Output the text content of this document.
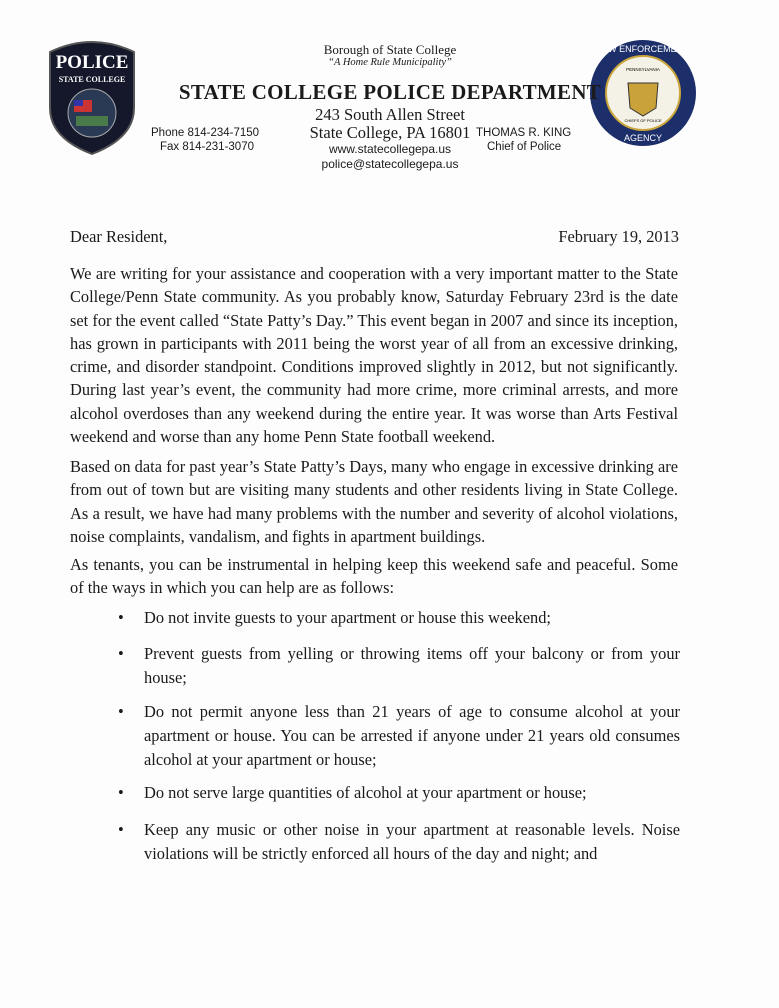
POLICE
STATE COLLEGE
PENNSYLVANIA
CHIEFS OF POLICE
LAW ENFORCEMENT
AGENCY
Borough of State College
“A Home Rule Municipality”
STATE COLLEGE POLICE DEPARTMENT
243 South Allen Street
State College, PA 16801
www.statecollegepa.us
police@statecollegepa.us
Phone 814-234-7150
Fax 814-231-3070
THOMAS R. KING
Chief of Police
Dear Resident,	February 19, 2013

We are writing for your assistance and cooperation with a very important matter to the State College/Penn State community. As you probably know, Saturday February 23rd is the date set for the event called “State Patty’s Day.” This event began in 2007 and since its inception, has grown in participants with 2011 being the worst year of all from an excessive drinking, crime, and disorder standpoint. Conditions improved slightly in 2012, but not significantly. During last year’s event, the community had more crime, more criminal arrests, and more alcohol overdoses than any weekend during the entire year. It was worse than Arts Festival weekend and worse than any home Penn State football weekend.

Based on data for past year’s State Patty’s Days, many who engage in excessive drinking are from out of town but are visiting many students and other residents living in State College. As a result, we have had many problems with the number and severity of alcohol violations, noise complaints, vandalism, and fights in apartment buildings.

As tenants, you can be instrumental in helping keep this weekend safe and peaceful. Some of the ways in which you can help are as follows:

• Do not invite guests to your apartment or house this weekend;
• Prevent guests from yelling or throwing items off your balcony or from your house;
• Do not permit anyone less than 21 years of age to consume alcohol at your apartment or house. You can be arrested if anyone under 21 years old consumes alcohol at your apartment or house;
• Do not serve large quantities of alcohol at your apartment or house;
• Keep any music or other noise in your apartment at reasonable levels. Noise violations will be strictly enforced all hours of the day and night; and
